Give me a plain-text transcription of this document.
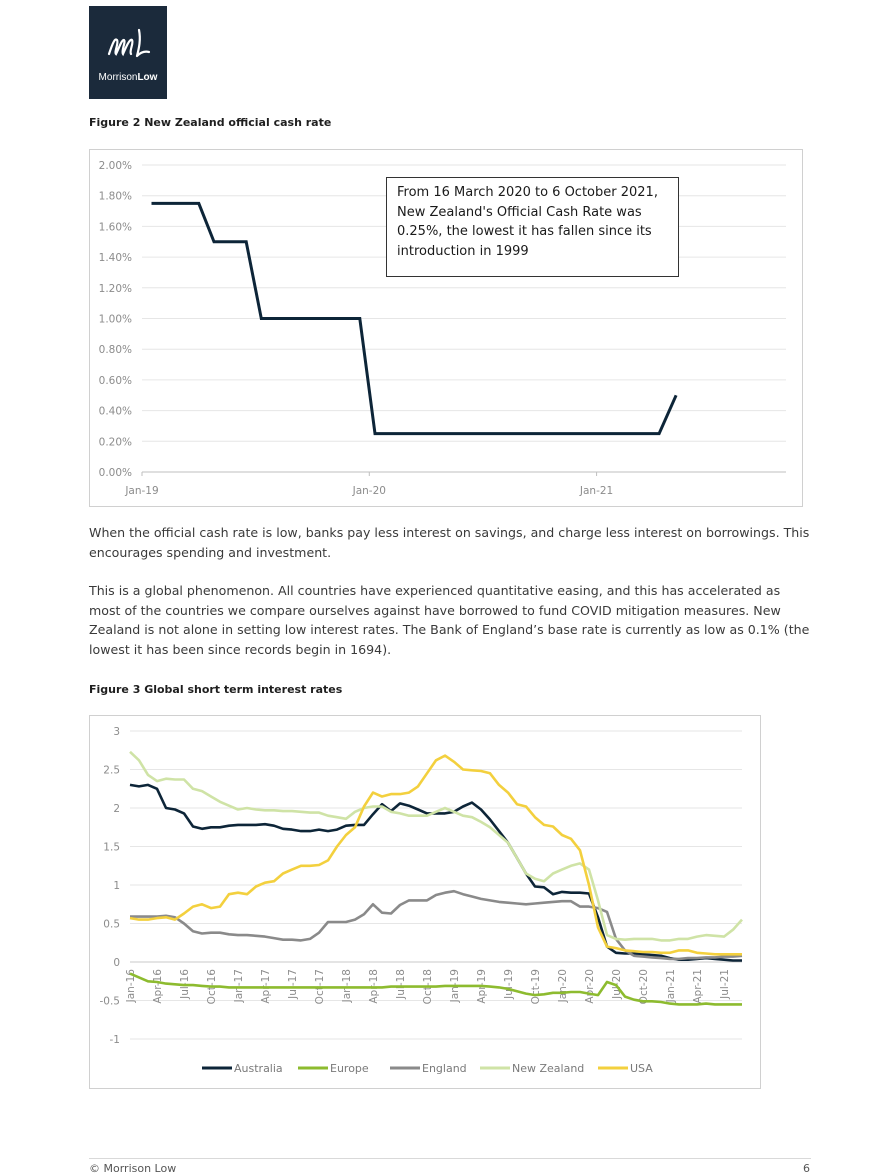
MorrisonLow
Figure 2 New Zealand official cash rate
2.00%
1.80%
1.60%
1.40%
1.20%
1.00%
0.80%
0.60%
0.40%
0.20%
0.00%
Jan-19	Jan-20	Jan-21
From 16 March 2020 to 6 October 2021, New Zealand's Official Cash Rate was 0.25%, the lowest it has fallen since its introduction in 1999

When the official cash rate is low, banks pay less interest on savings, and charge less interest on borrowings. This encourages spending and investment.

This is a global phenomenon. All countries have experienced quantitative easing, and this has accelerated as most of the countries we compare ourselves against have borrowed to fund COVID mitigation measures. New Zealand is not alone in setting low interest rates. The Bank of England’s base rate is currently as low as 0.1% (the lowest it has been since records begin in 1694).

Figure 3 Global short term interest rates
3
2.5
2
1.5
1
0.5
0
-0.5
-1
Jan-16 Apr-16 Jul-16 Oct-16 Jan-17 Apr-17 Jul-17 Oct-17 Jan-18 Apr-18 Jul-18 Oct-18 Jan-19 Apr-19 Jul-19 Oct-19 Jan-20 Apr-20 Jul-20 Oct-20 Jan-21 Apr-21 Jul-21
Australia	Europe	England	New Zealand	USA
© Morrison Low	6
